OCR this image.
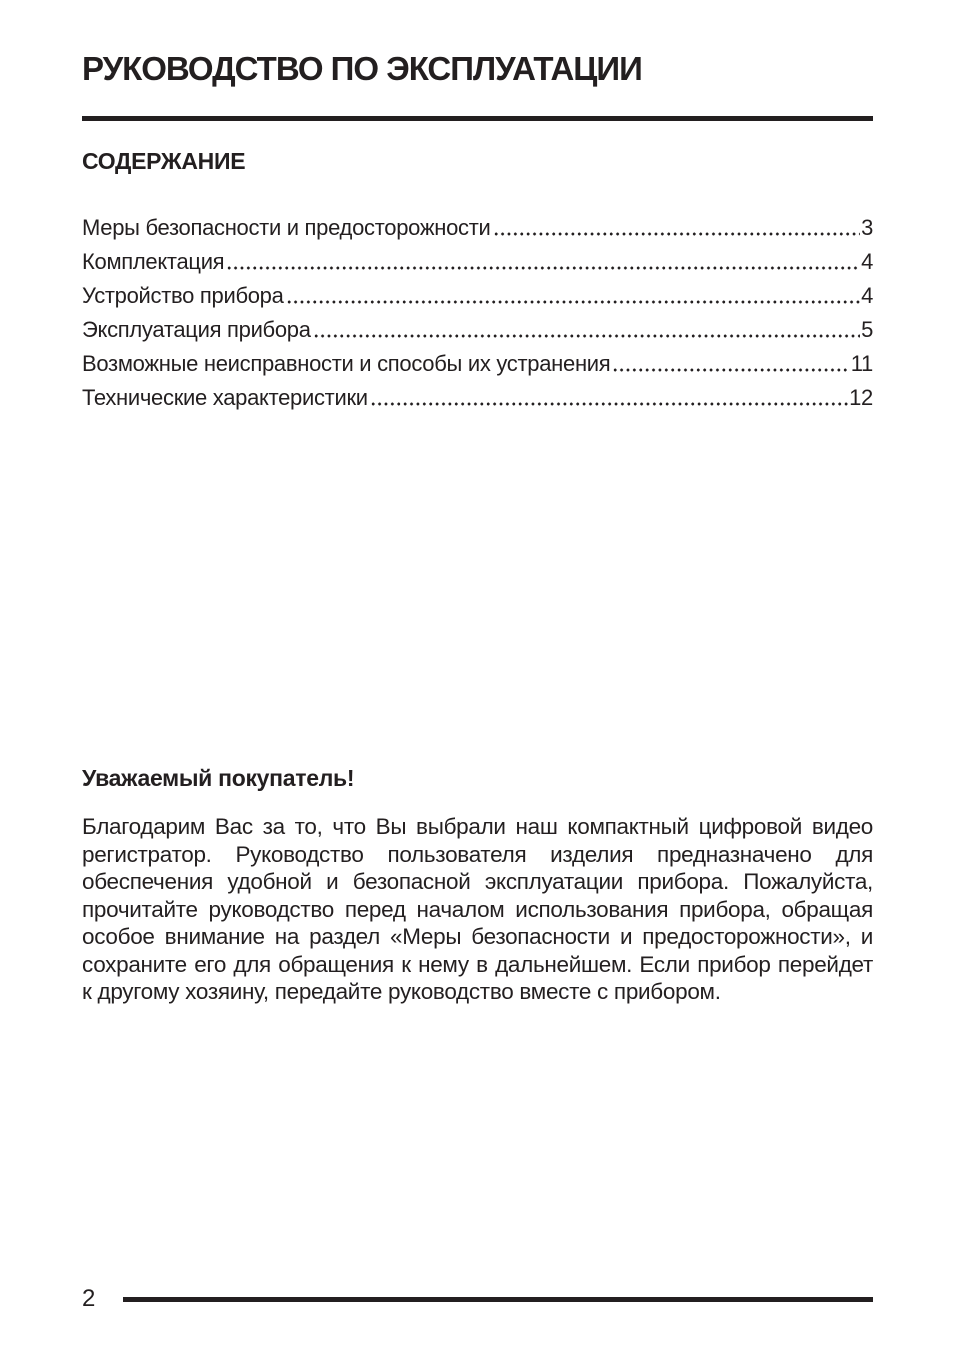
РУКОВОДСТВО ПО ЭКСПЛУАТАЦИИ
СОДЕРЖАНИЕ
Меры безопасности и предосторожности	3
Комплектация	4
Устройство прибора	4
Эксплуатация прибора	5
Возможные неисправности и способы их устранения	11
Технические характеристики	12
Уважаемый покупатель!

Благодарим Вас за то, что Вы выбрали наш компактный цифровой видео регистратор. Руководство пользователя изделия предназначено для обеспечения удобной и безопасной эксплуатации прибора. Пожалуйста, прочитайте руководство перед началом использования прибора, обращая особое внимание на раздел «Меры безопасности и предосторожности», и сохраните его для обращения к нему в дальнейшем. Если прибор перейдет к другому хозяину, передайте руководство вместе с прибором.

2
